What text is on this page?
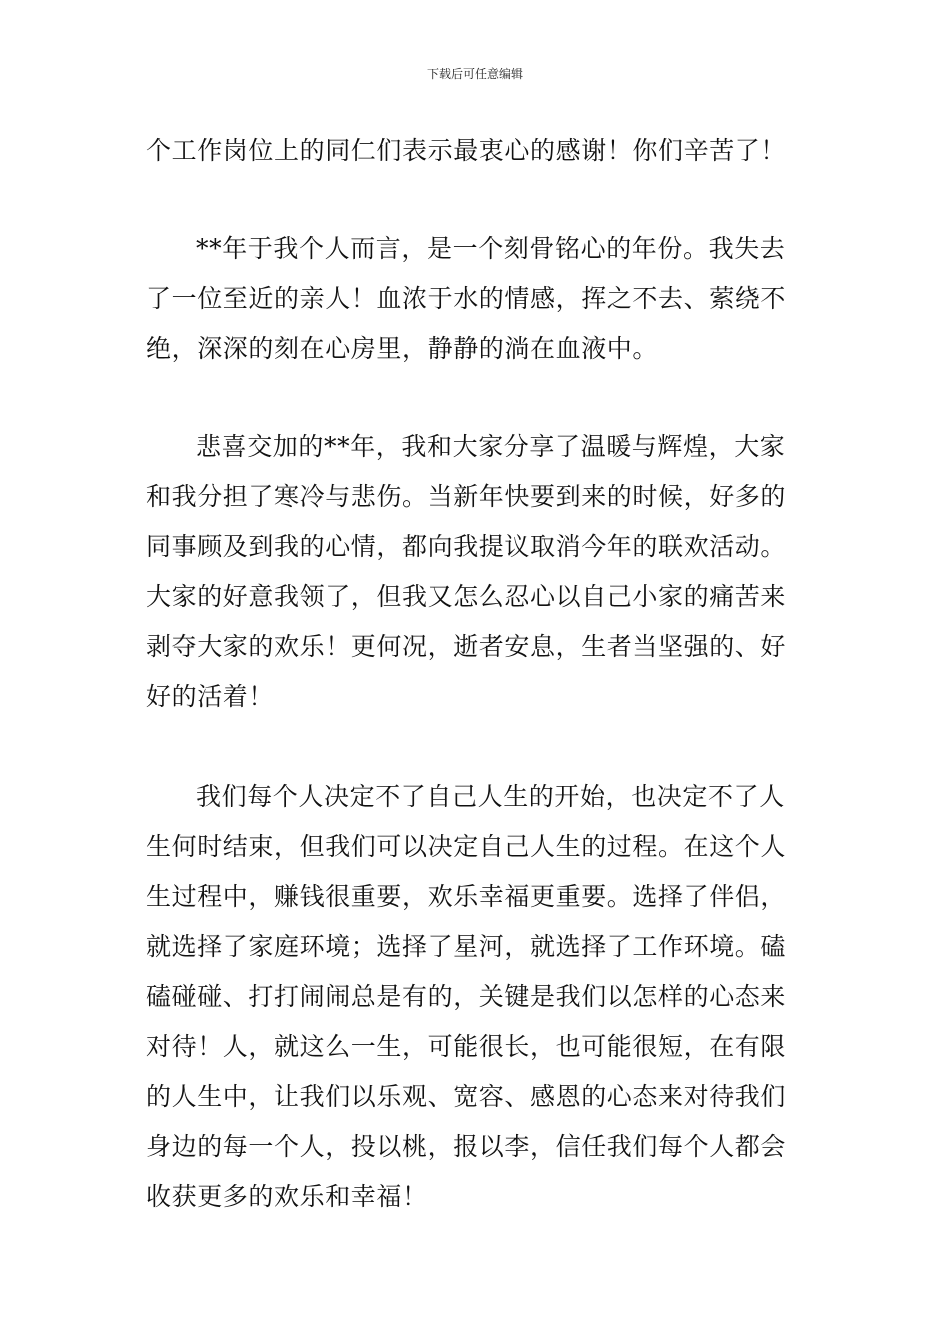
下载后可任意编辑
个工作岗位上的同仁们表示最衷心的感谢！你们辛苦了！
**年于我个人而言，是一个刻骨铭心的年份。我失去
了一位至近的亲人！血浓于水的情感，挥之不去、萦绕不
绝，深深的刻在心房里，静静的淌在血液中。
悲喜交加的**年，我和大家分享了温暖与辉煌，大家
和我分担了寒冷与悲伤。当新年快要到来的时候，好多的
同事顾及到我的心情，都向我提议取消今年的联欢活动。
大家的好意我领了，但我又怎么忍心以自己小家的痛苦来
剥夺大家的欢乐！更何况，逝者安息，生者当坚强的、好
好的活着！
我们每个人决定不了自己人生的开始，也决定不了人
生何时结束，但我们可以决定自己人生的过程。在这个人
生过程中，赚钱很重要，欢乐幸福更重要。选择了伴侣，
就选择了家庭环境；选择了星河，就选择了工作环境。磕
磕碰碰、打打闹闹总是有的，关键是我们以怎样的心态来
对待！人，就这么一生，可能很长，也可能很短，在有限
的人生中，让我们以乐观、宽容、感恩的心态来对待我们
身边的每一个人，投以桃，报以李，信任我们每个人都会
收获更多的欢乐和幸福！
